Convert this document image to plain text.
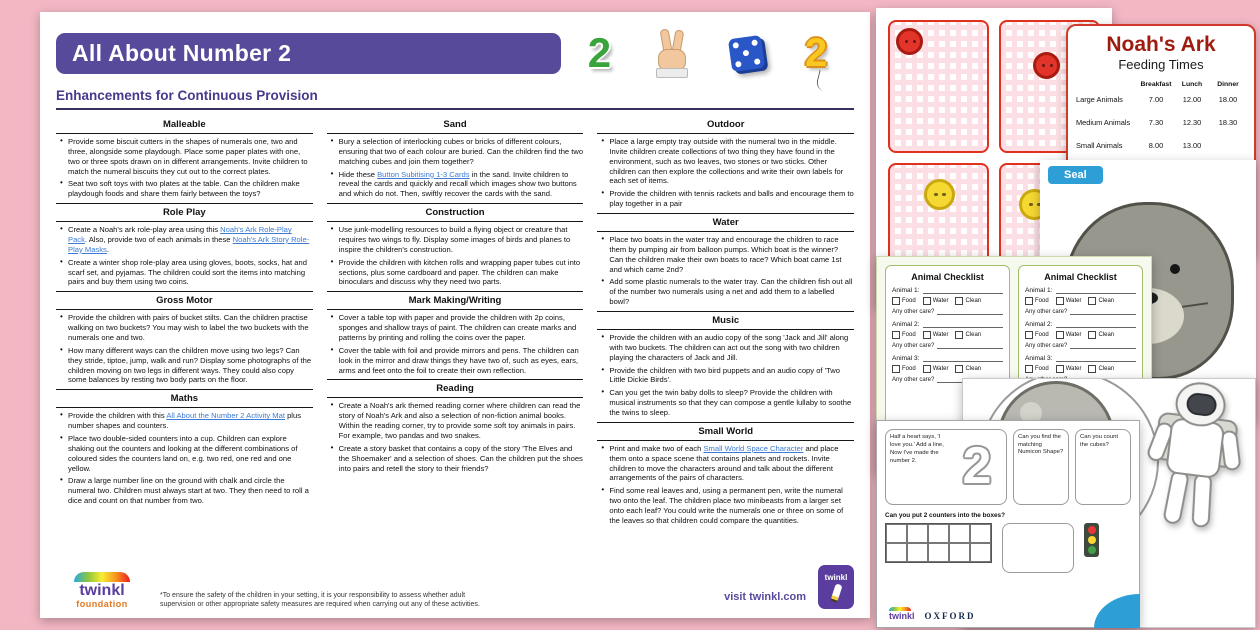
All About Number 2	2	2
Enhancements for Continuous Provision
Malleable
• Provide some biscuit cutters in the shapes of numerals one, two and three, alongside some playdough. Place some paper plates with one, two or three spots drawn on in different arrangements. Invite children to match the numeral biscuits they cut out to the correct plates.
• Seat two soft toys with two plates at the table. Can the children make playdough foods and share them fairly between the toys?
Role Play
• Create a Noah's ark role-play area using this Noah's Ark Role-Play Pack. Also, provide two of each animals in these Noah's Ark Story Role-Play Masks.
• Create a winter shop role-play area using gloves, boots, socks, hat and scarf set, and pyjamas. The children could sort the items into matching pairs and buy them using two coins.
Gross Motor
• Provide the children with pairs of bucket stilts. Can the children practise walking on two buckets? You may wish to label the two buckets with the numerals one and two.
• How many different ways can the children move using two legs? Can they stride, tiptoe, jump, walk and run? Display some photographs of the children moving on two legs in different ways. They could also copy some balances by resting two body parts on the floor.
Maths
• Provide the children with this All About the Number 2 Activity Mat plus number shapes and counters.
• Place two double-sided counters into a cup. Children can explore shaking out the counters and looking at the different combinations of coloured sides the counters land on, e.g. two red, one red and one yellow.
• Draw a large number line on the ground with chalk and circle the numeral two. Children must always start at two. They then need to roll a dice and count on that number from two.
Sand
• Bury a selection of interlocking cubes or bricks of different colours, ensuring that two of each colour are buried. Can the children find the two matching cubes and join them together?
• Hide these Button Subitising 1-3 Cards in the sand. Invite children to reveal the cards and quickly and recall which images show two buttons and which do not. Then, swiftly recover the cards with the sand.
Construction
• Use junk-modelling resources to build a flying object or creature that requires two wings to fly. Display some images of birds and planes to inspire the children's construction.
• Provide the children with kitchen rolls and wrapping paper tubes cut into sections, plus some cardboard and paper. The children can make binoculars and discuss why they need two parts.
Mark Making/Writing
• Cover a table top with paper and provide the children with 2p coins, sponges and shallow trays of paint. The children can create marks and patterns by printing and rolling the coins over the paper.
• Cover the table with foil and provide mirrors and pens. The children can look in the mirror and draw things they have two of, such as eyes, ears, arms and feet onto the foil to create their own reflection.
Reading
• Create a Noah's ark themed reading corner where children can read the story of Noah's Ark and also a selection of non-fiction animal books. Within the reading corner, try to provide some soft toy animals in pairs. For example, two pandas and two snakes.
• Create a story basket that contains a copy of the story 'The Elves and the Shoemaker' and a selection of shoes. Can the children put the shoes into pairs and retell the story to their friends?
Outdoor
• Place a large empty tray outside with the numeral two in the middle. Invite children create collections of two thing they have found in the environment, such as two leaves, two stones or two sticks. Other children can then explore the collections and write their own labels for each set of items.
• Provide the children with tennis rackets and balls and encourage them to play together in a pair
Water
• Place two boats in the water tray and encourage the children to race them by pumping air from balloon pumps. Which boat is the winner? Can the children make their own boats to race? Which boat came 1st and which came 2nd?
• Add some plastic numerals to the water tray. Can the children fish out all of the number two numerals using a net and add them to a labelled bowl?
Music
• Provide the children with an audio copy of the song 'Jack and Jill' along with two buckets. The children can act out the song with two children playing the characters of Jack and Jill.
• Provide the children with two bird puppets and an audio copy of 'Two Little Dickie Birds'.
• Can you get the twin baby dolls to sleep? Provide the children with musical instruments so that they can compose a gentle lullaby to soothe the twins to sleep.
Small World
• Print and make two of each Small World Space Character and place them onto a space scene that contains planets and rockets. Invite children to move the characters around and talk about the different arrangements of the pairs of characters.
• Find some real leaves and, using a permanent pen, write the numeral two onto the leaf. The children place two minibeasts from a larger set onto each leaf? You could write the numerals one or three on some of the leaves so that children could compare the quantities.
twinkl
foundation
*To ensure the safety of the children in your setting, it is your responsibility to assess whether adult supervision or other appropriate safety measures are required when carrying out any of these activities.
visit twinkl.com
twinkl
Noah's Ark
Feeding Times
Breakfast	Lunch	Dinner
Large Animals	7.00	12.00	18.00
Medium Animals	7.30	12.30	18.30
Small Animals	8.00	13.00
Seal
Animal Checklist
Animal 1:
Food	Water	Clean
Any other care?
Animal 2:
Food	Water	Clean
Any other care?
Animal 3:
Food	Water	Clean
Any other care?
Animal Checklist
Animal 1:
Food	Water	Clean
Any other care?
Animal 2:
Food	Water	Clean
Any other care?
Animal 3:
Food	Water	Clean
Half a heart says, 'I love you.' Add a line, Now I've made the number 2. 2	Can you find the matching Numicon Shape?
Can you count the cubes?
Can you put 2 counters into the boxes?
twinkl OXFORD
